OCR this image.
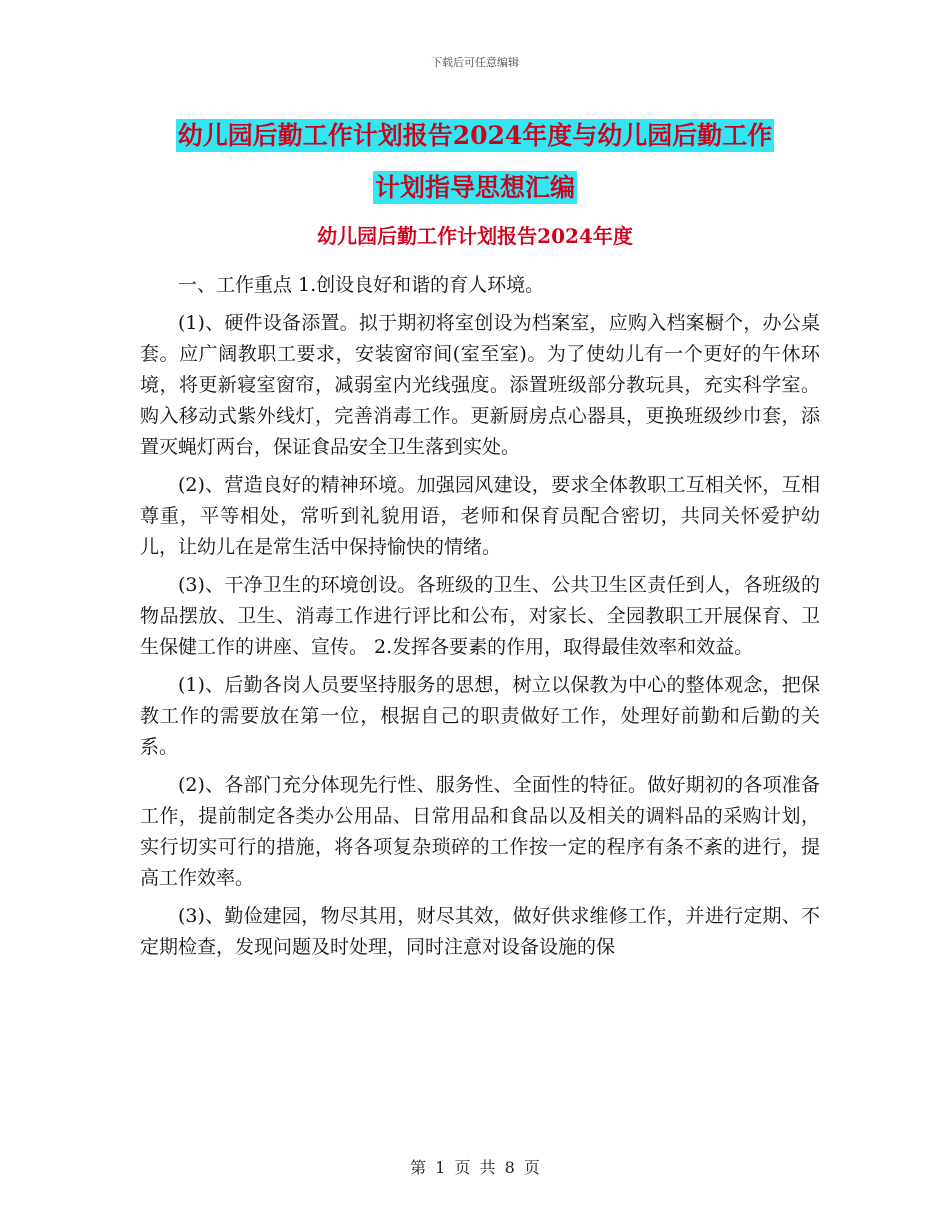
下载后可任意编辑
幼儿园后勤工作计划报告2024年度与幼儿园后勤工作
计划指导思想汇编
幼儿园后勤工作计划报告2024年度

一、工作重点 1.创设良好和谐的育人环境。

(1)、硬件设备添置。拟于期初将室创设为档案室，应购入档案橱个，办公桌套。应广阔教职工要求，安装窗帘间(室至室)。为了使幼儿有一个更好的午休环境，将更新寝室窗帘，减弱室内光线强度。添置班级部分教玩具，充实科学室。购入移动式紫外线灯，完善消毒工作。更新厨房点心器具，更换班级纱巾套，添置灭蝇灯两台，保证食品安全卫生落到实处。

(2)、营造良好的精神环境。加强园风建设，要求全体教职工互相关怀，互相尊重，平等相处，常听到礼貌用语，老师和保育员配合密切，共同关怀爱护幼儿，让幼儿在是常生活中保持愉快的情绪。

(3)、干净卫生的环境创设。各班级的卫生、公共卫生区责任到人，各班级的物品摆放、卫生、消毒工作进行评比和公布，对家长、全园教职工开展保育、卫生保健工作的讲座、宣传。 2.发挥各要素的作用，取得最佳效率和效益。

(1)、后勤各岗人员要坚持服务的思想，树立以保教为中心的整体观念，把保教工作的需要放在第一位，根据自己的职责做好工作，处理好前勤和后勤的关系。

(2)、各部门充分体现先行性、服务性、全面性的特征。做好期初的各项准备工作，提前制定各类办公用品、日常用品和食品以及相关的调料品的采购计划，实行切实可行的措施，将各项复杂琐碎的工作按一定的程序有条不紊的进行，提高工作效率。

(3)、勤俭建园，物尽其用，财尽其效，做好供求维修工作，并进行定期、不定期检查，发现问题及时处理，同时注意对设备设施的保

第 1 页 共 8 页
